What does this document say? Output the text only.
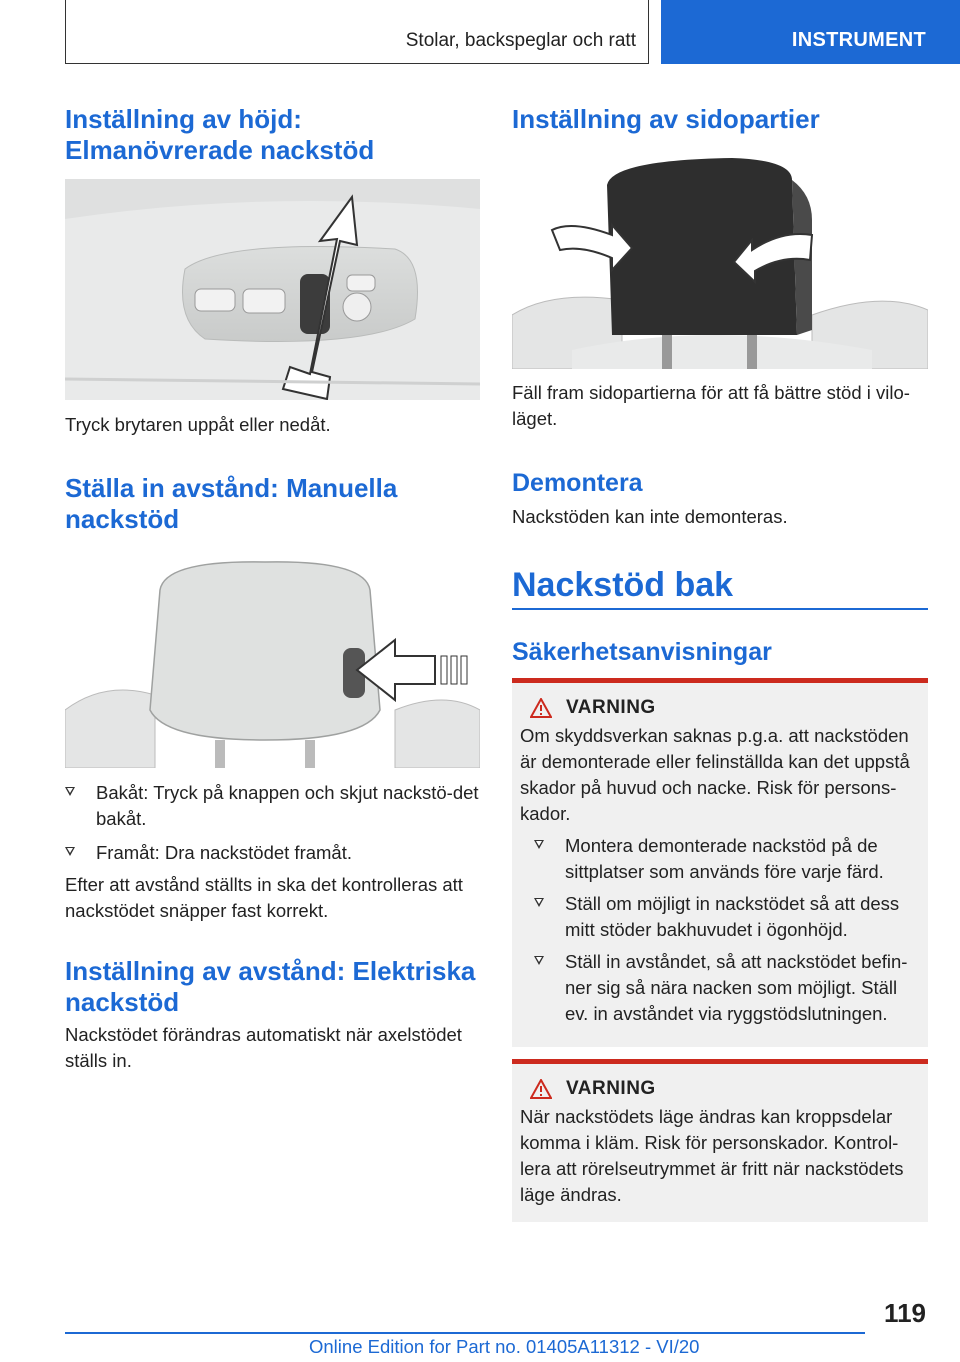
Stolar, backspeglar och ratt	INSTRUMENT
Inställning av höjd: Elmanövrerade nackstöd

Tryck brytaren uppåt eller nedåt.

Ställa in avstånd: Manuella nackstöd
Bakåt: Tryck på knappen och skjut nackstö‐det bakåt.
Framåt: Dra nackstödet framåt.

Efter att avstånd ställts in ska det kontrolleras att nackstödet snäpper fast korrekt.

Inställning av avstånd: Elektriska nackstöd

Nackstödet förändras automatiskt när axelstödet ställs in.

Inställning av sidopartier

Fäll fram sidopartierna för att få bättre stöd i vilo‐läget.

Demontera

Nackstöden kan inte demonteras.

Nackstöd bak
Säkerhetsanvisningar
VARNING

Om skyddsverkan saknas p.g.a. att nackstöden är demonterade eller felinställda kan det uppstå skador på huvud och nacke. Risk för persons‐kador.

Montera demonterade nackstöd på de sittplatser som används före varje färd.
Ställ om möjligt in nackstödet så att dess mitt stöder bakhuvudet i ögonhöjd.
Ställ in avståndet, så att nackstödet befin‐ner sig så nära nacken som möjligt. Ställ ev. in avståndet via ryggstödslutningen.
VARNING

När nackstödets läge ändras kan kroppsdelar komma i kläm. Risk för personskador. Kontrol‐lera att rörelseutrymmet är fritt när nackstödets läge ändras.

119
Online Edition for Part no. 01405A11312 - VI/20
